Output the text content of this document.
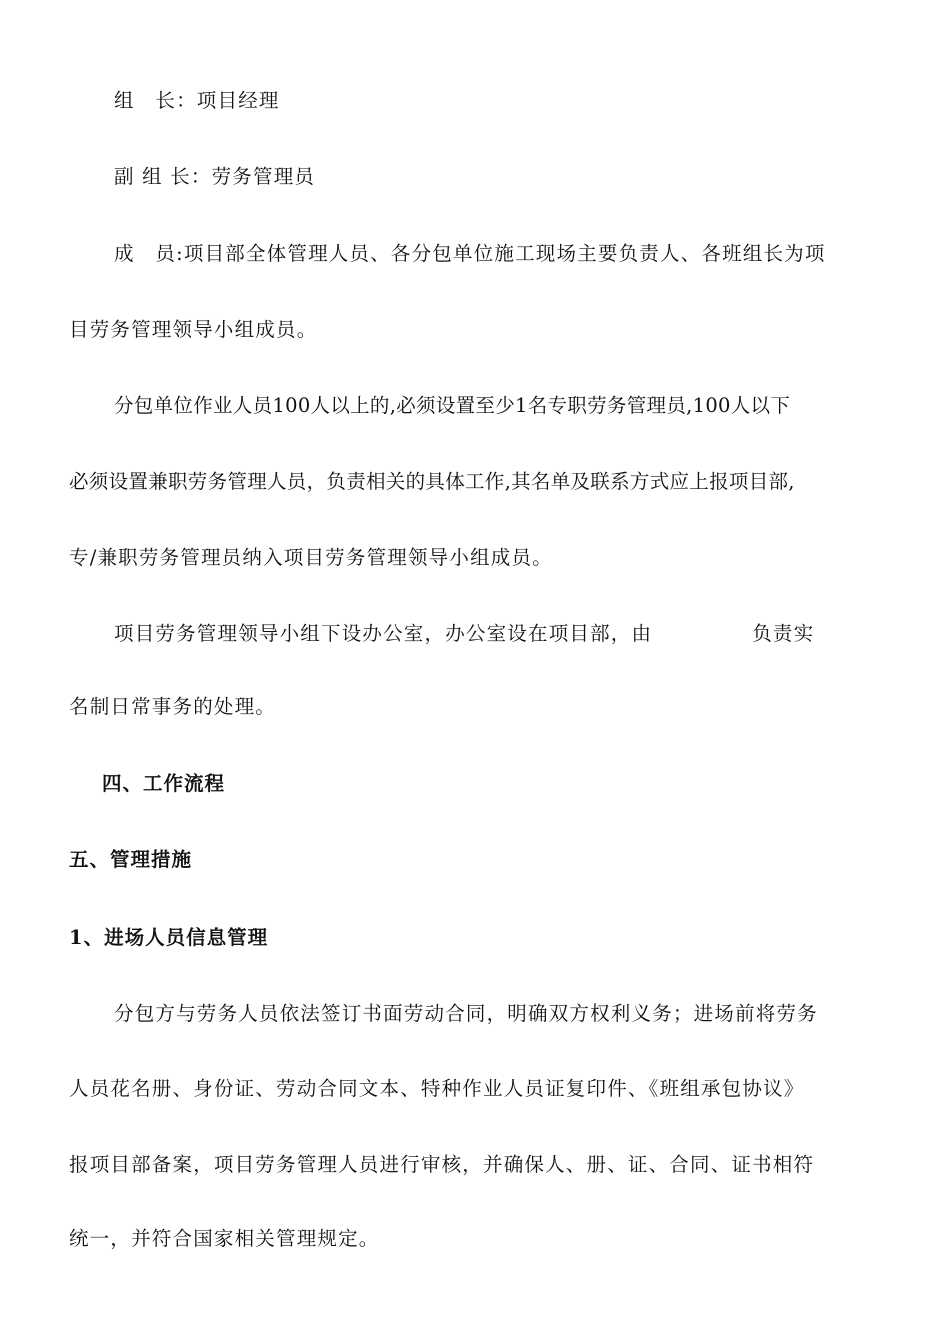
组　长：项目经理
副 组 长：劳务管理员
成　员:项目部全体管理人员、各分包单位施工现场主要负责人、各班组长为项
目劳务管理领导小组成员。
分包单位作业人员100人以上的,必须设置至少1名专职劳务管理员,100人以下
必须设置兼职劳务管理人员，负责相关的具体工作,其名单及联系方式应上报项目部,
专/兼职劳务管理员纳入项目劳务管理领导小组成员。
项目劳务管理领导小组下设办公室，办公室设在项目部，由	负责实
名制日常事务的处理。
四、工作流程
五、管理措施
1、进场人员信息管理
分包方与劳务人员依法签订书面劳动合同，明确双方权利义务；进场前将劳务
人员花名册、身份证、劳动合同文本、特种作业人员证复印件、《班组承包协议》
报项目部备案，项目劳务管理人员进行审核，并确保人、册、证、合同、证书相符
统一，并符合国家相关管理规定。
